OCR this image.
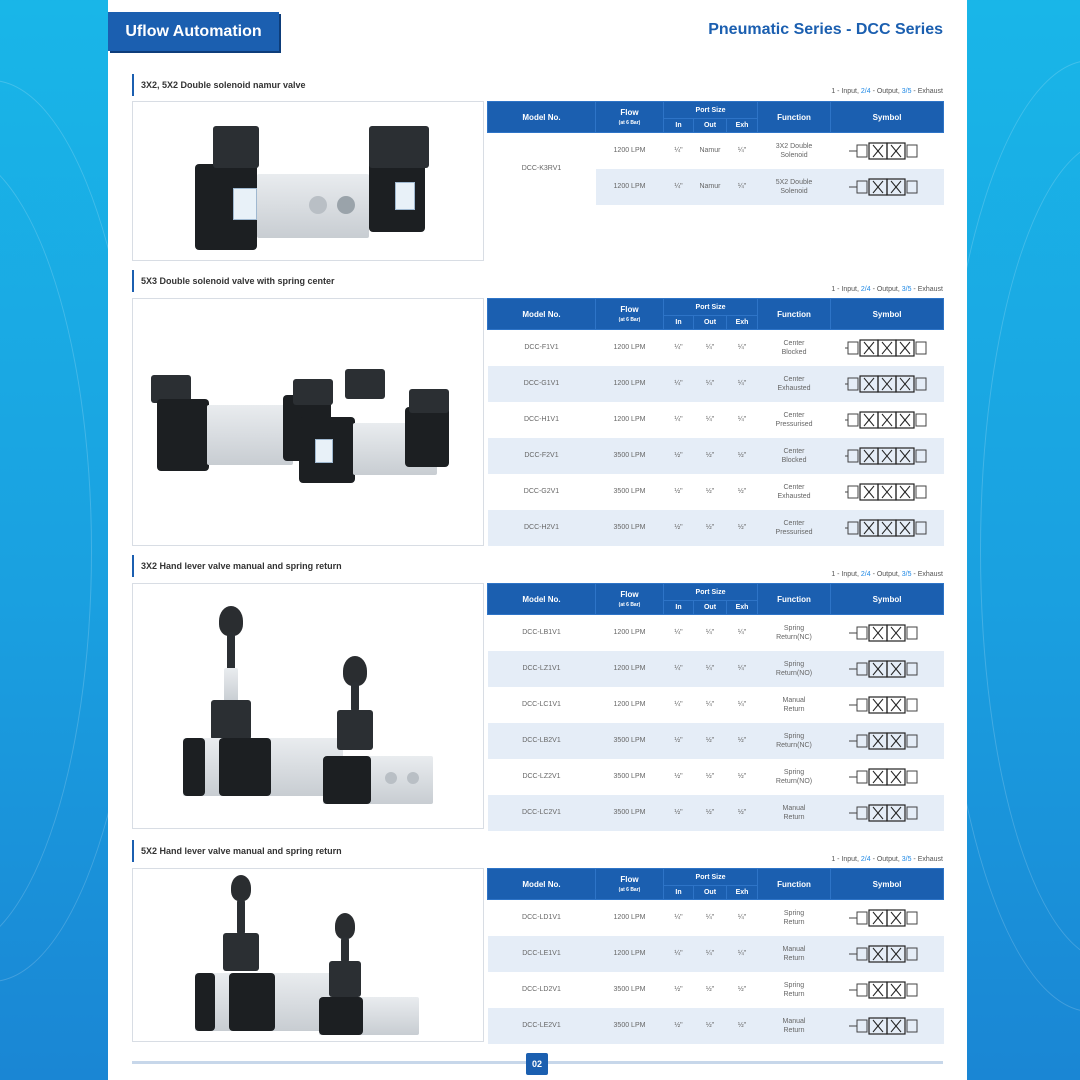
Uflow Automation	Pneumatic Series - DCC Series
3X2, 5X2 Double solenoid namur valve
1 - Input, 2/4 - Output, 3/5 - Exhaust
Model No.	Flow
(at 6 Bar)	Port Size			Function	Symbol
		In	Out	Exh		
DCC-K3RV1	1200 LPM	¼"	Namur	¼"	3X2 Double
Solenoid	

	1200 LPM	¼"	Namur	¼"	5X2 Double
Solenoid	
5X3 Double solenoid valve with spring center
1 - Input, 2/4 - Output, 3/5 - Exhaust
Model No.	Flow
(at 6 Bar)	Port Size			Function	Symbol
		In	Out	Exh		
DCC-F1V1	1200 LPM	¼"	¼"	¼"	Center
Blocked	

DCC-G1V1	1200 LPM	¼"	¼"	¼"	Center
Exhausted	

DCC-H1V1	1200 LPM	¼"	¼"	¼"	Center
Pressurised	

DCC-F2V1	3500 LPM	½"	½"	½"	Center
Blocked	

DCC-G2V1	3500 LPM	½"	½"	½"	Center
Exhausted	

DCC-H2V1	3500 LPM	½"	½"	½"	Center
Pressurised	
3X2 Hand lever valve manual and spring return
1 - Input, 2/4 - Output, 3/5 - Exhaust
Model No.	Flow
(at 6 Bar)	Port Size			Function	Symbol
		In	Out	Exh		
DCC-LB1V1	1200 LPM	¼"	¼"	¼"	Spring
Return(NC)	

DCC-LZ1V1	1200 LPM	¼"	¼"	¼"	Spring
Return(NO)	

DCC-LC1V1	1200 LPM	¼"	¼"	¼"	Manual
Return	

DCC-LB2V1	3500 LPM	½"	½"	½"	Spring
Return(NC)	

DCC-LZ2V1	3500 LPM	½"	½"	½"	Spring
Return(NO)	

DCC-LC2V1	3500 LPM	½"	½"	½"	Manual
Return	
5X2 Hand lever valve manual and spring return
1 - Input, 2/4 - Output, 3/5 - Exhaust
Model No.	Flow
(at 6 Bar)	Port Size			Function	Symbol
		In	Out	Exh		
DCC-LD1V1	1200 LPM	¼"	¼"	¼"	Spring
Return	

DCC-LE1V1	1200 LPM	¼"	¼"	¼"	Manual
Return	

DCC-LD2V1	3500 LPM	½"	½"	½"	Spring
Return	

DCC-LE2V1	3500 LPM	½"	½"	½"	Manual
Return	
02
